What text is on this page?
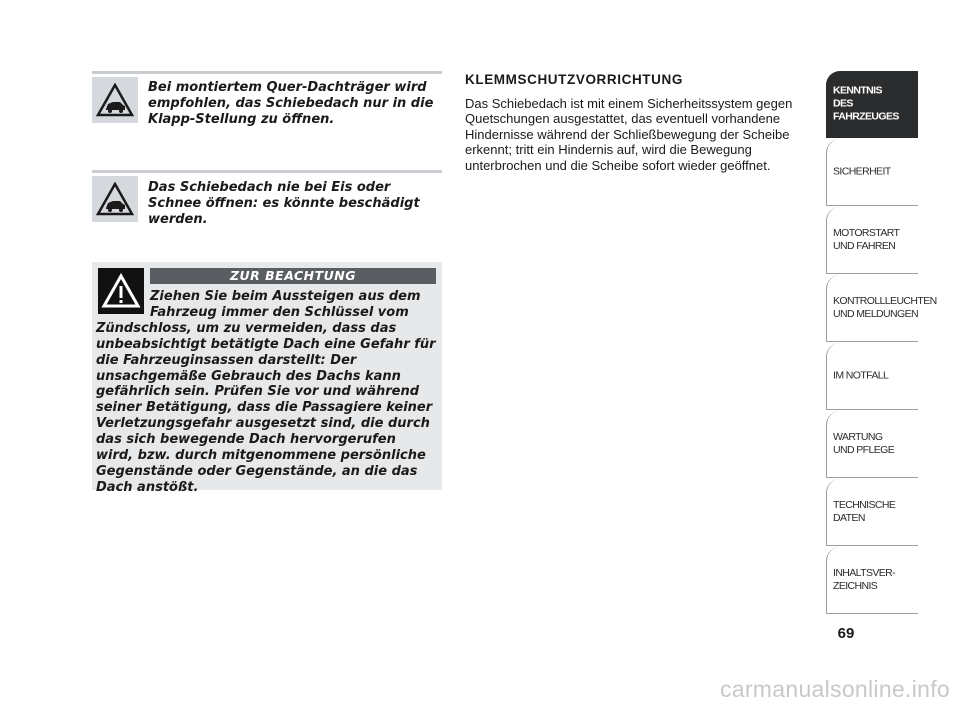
Bei montiertem Quer-Dachträger wird empfohlen, das Schiebedach nur in die Klapp-Stellung zu öffnen.
Das Schiebedach nie bei Eis oder Schnee öffnen: es könnte beschädigt werden.
ZUR BEACHTUNG
Ziehen Sie beim Aussteigen aus dem
Fahrzeug immer den Schlüssel vom
Zündschloss, um zu vermeiden, dass das unbeabsichtigt betätigte Dach eine Gefahr für die Fahrzeuginsassen darstellt: Der unsachgemäße Gebrauch des Dachs kann gefährlich sein. Prüfen Sie vor und während seiner Betätigung, dass die Passagiere keiner Verletzungsgefahr ausgesetzt sind, die durch das sich bewegende Dach hervorgerufen wird, bzw. durch mitgenommene persönliche Gegenstände oder Gegenstände, an die das Dach anstößt.
KLEMMSCHUTZVORRICHTUNG
Das Schiebedach ist mit einem Sicherheitssystem gegen Quetschungen ausgestattet, das eventuell vorhandene Hindernisse während der Schließbewegung der Scheibe erkennt; tritt ein Hindernis auf, wird die Bewegung unterbrochen und die Scheibe sofort wieder geöffnet.
KENNTNIS
DES FAHRZEUGES
SICHERHEIT
MOTORSTART
UND FAHREN
KONTROLLLEUCHTEN
UND MELDUNGEN
IM NOTFALL
WARTUNG
UND PFLEGE
TECHNISCHE
DATEN
INHALTSVER-
ZEICHNIS
69
carmanualsonline.info
